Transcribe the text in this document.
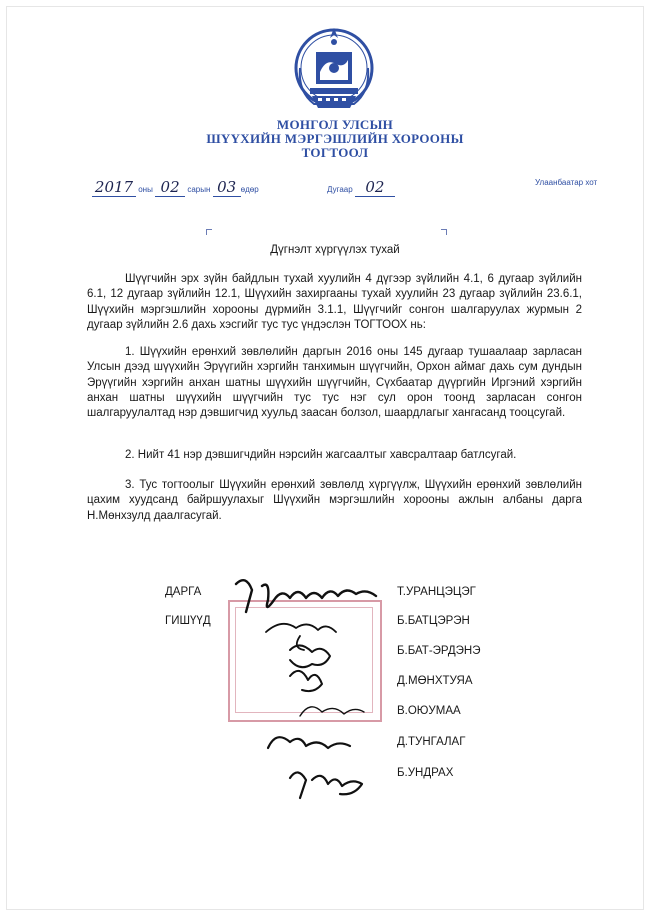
МОНГОЛ УЛСЫН
ШҮҮХИЙН МЭРГЭШЛИЙН ХОРООНЫ
ТОГТООЛ
2017 оны 02 сарын 03 өдөр	Дугаар 02	Улаанбаатар хот
Дүгнэлт хүргүүлэх тухай

Шүүгчийн эрх зүйн байдлын тухай хуулийн 4 дүгээр зүйлийн 4.1, 6 дугаар зүйлийн 6.1, 12 дугаар зүйлийн 12.1, Шүүхийн захиргааны тухай хуулийн 23 дугаар зүйлийн 23.6.1, Шүүхийн мэргэшлийн хорооны дүрмийн 3.1.1, Шүүгчийг сонгон шалгаруулах журмын 2 дугаар зүйлийн 2.6 дахь хэсгийг тус тус үндэслэн ТОГТООХ нь:

1. Шүүхийн ерөнхий зөвлөлийн даргын 2016 оны 145 дугаар тушаалаар зарласан Улсын дээд шүүхийн Эрүүгийн хэргийн танхимын шүүгчийн, Орхон аймаг дахь сум дундын Эрүүгийн хэргийн анхан шатны шүүхийн шүүгчийн, Сүхбаатар дүүргийн Иргэний хэргийн анхан шатны шүүхийн шүүгчийн тус тус нэг сул орон тоонд зарласан сонгон шалгаруулалтад нэр дэвшигчид хуульд заасан болзол, шаардлагыг хангасанд тооцсугай.

2. Нийт 41 нэр дэвшигчдийн нэрсийн жагсаалтыг хавсралтаар батлсугай.

3. Тус тогтоолыг Шүүхийн ерөнхий зөвлөлд хүргүүлж, Шүүхийн ерөнхий зөвлөлийн цахим хуудсанд байршуулахыг Шүүхийн мэргэшлийн хорооны ажлын албаны дарга Н.Мөнхзулд даалгасугай.

ДАРГА
ГИШҮҮД
Т.УРАНЦЭЦЭГ
Б.БАТЦЭРЭН
Б.БАТ-ЭРДЭНЭ
Д.МӨНХТУЯА
В.ОЮУМАА
Д.ТУНГАЛАГ
Б.УНДРАХ
